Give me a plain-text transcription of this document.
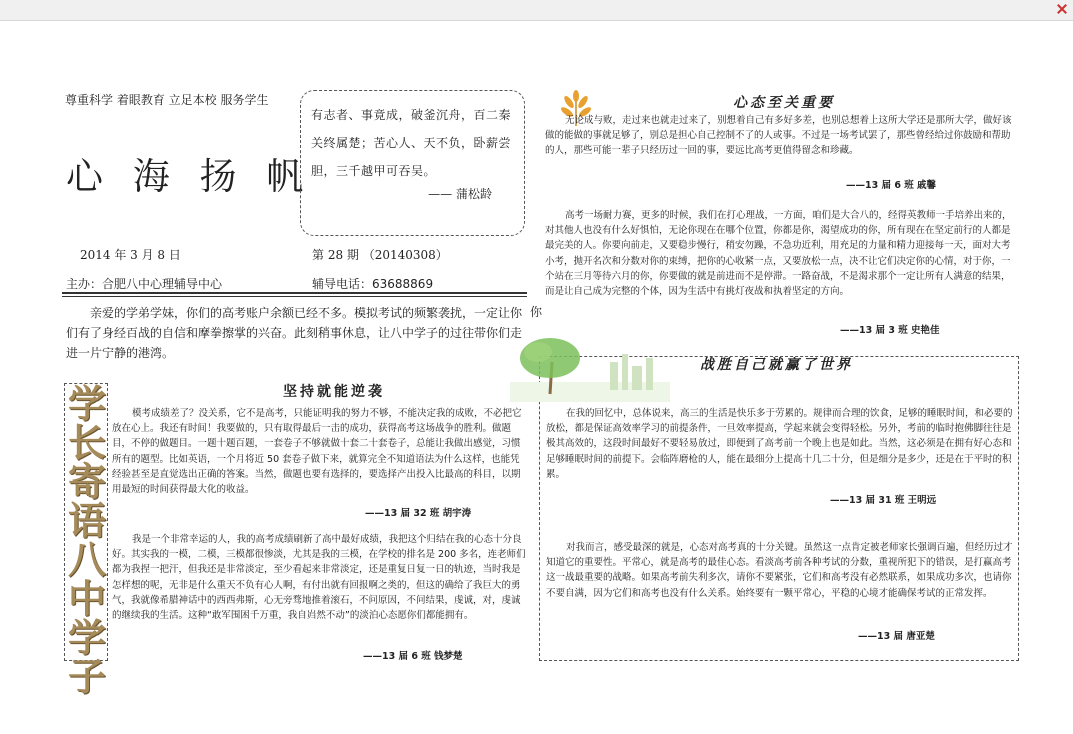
尊重科学 着眼教育 立足本校 服务学生
心 海 扬 帆
2014 年 3 月 8 日	第 28 期 （20140308）
主办：合肥八中心理辅导中心	辅导电话：63688869
有志者、事竟成，破釜沉舟，百二秦关终属楚；苦心人、天不负，卧薪尝胆，三千越甲可吞吴。
—— 蒲松龄
亲爱的学弟学妹，你们的高考账户余额已经不多。模拟考试的频繁袭扰，一定让你们有了身经百战的自信和摩拳擦掌的兴奋。此刻稍事休息，让八中学子的过往带你们走进一片宁静的港湾。
你
学长寄语八中学子
坚持就能逆袭
模考成绩差了？没关系，它不是高考，只能证明我的努力不够，不能决定我的成败，不必把它放在心上。我还有时间！我要做的，只有取得最后一击的成功，获得高考这场战争的胜利。做题目，不停的做题目。一题十题百题，一套卷子不够就做十套二十套卷子，总能让我做出感觉，习惯所有的题型。比如英语，一个月将近 50 套卷子做下来，就算完全不知道语法为什么这样，也能凭经验甚至是直觉选出正确的答案。当然，做题也要有选择的，要选择产出投入比最高的科目，以期用最短的时间获得最大化的收益。
——13 届 32 班 胡宇涛
我是一个非常幸运的人，我的高考成绩刷新了高中最好成绩，我把这个归结在我的心态十分良好。其实我的一模，二模，三模都很惨淡，尤其是我的三模，在学校的排名是 200 多名，连老师们都为我捏一把汗，但我还是非常淡定，至少看起来非常淡定，还是重复日复一日的轨迹，当时我是怎样想的呢，无非是什么重天不负有心人啊，有付出就有回报啊之类的，但这的确给了我巨大的勇气，我就像希腊神话中的西西弗斯，心无旁骛地推着滚石，不问原因，不问结果，虔诚，对，虔诚的继续我的生活。这种“敢军围困千万重，我自岿然不动”的淡泊心态愿你们都能拥有。
——13 届 6 班 钱梦楚
心态至关重要
无论成与败，走过来也就走过来了，别想着自己有多好多差，也别总想着上这所大学还是那所大学，做好该做的能做的事就足够了，别总是担心自己控制不了的人或事。不过是一场考试罢了，那些曾经给过你鼓励和帮助的人，那些可能一辈子只经历过一回的事，要远比高考更值得留念和珍藏。
——13 届 6 班 戚馨
高考一场耐力赛，更多的时候，我们在打心理战，一方面，咱们是大合八的，经得英教师一手培养出来的，对其他人也没有什么好惧怕，无论你现在在哪个位置，你都是你，渴望成功的你，所有现在在坚定前行的人都是最完美的人。你要向前走，又要稳步慢行，稍安勿躁，不急功近利，用充足的力量和精力迎接每一天，面对大考小考，抛开名次和分数对你的束缚，把你的心收紧一点，又要放松一点，决不让它们决定你的心情，对于你，一个站在三月等待六月的你，你要做的就是前进而不是停滞。一路奋战，不是渴求那个一定让所有人满意的结果，而是让自己成为完整的个体，因为生活中有挑灯夜战和执着坚定的方向。
——13 届 3 班 史艳佳
战胜自己就赢了世界
在我的回忆中，总体说来，高三的生活是快乐多于劳累的。规律而合理的饮食，足够的睡眠时间，和必要的放松，都是保证高效率学习的前提条件，一旦效率提高，学起来就会变得轻松。另外，考前的临时抱佛脚往往是极其高效的，这段时间最好不要轻易放过，即便到了高考前一个晚上也是如此。当然，这必须是在拥有好心态和足够睡眠时间的前提下。会临阵磨枪的人，能在最细分上提高十几二十分，但是细分是多少，还是在于平时的积累。
——13 届 31 班 王明远
对我而言，感受最深的就是，心态对高考真的十分关键。虽然这一点肯定被老师家长强调百遍，但经历过才知道它的重要性。平常心，就是高考的最佳心态。看淡高考前各种考试的分数，重视所犯下的错误，是打赢高考这一战最重要的战略。如果高考前失利多次，请你不要紧张，它们和高考没有必然联系，如果成功多次，也请你不要自满，因为它们和高考也没有什么关系。始终要有一颗平常心，平稳的心境才能确保考试的正常发挥。
——13 届 唐亚楚
